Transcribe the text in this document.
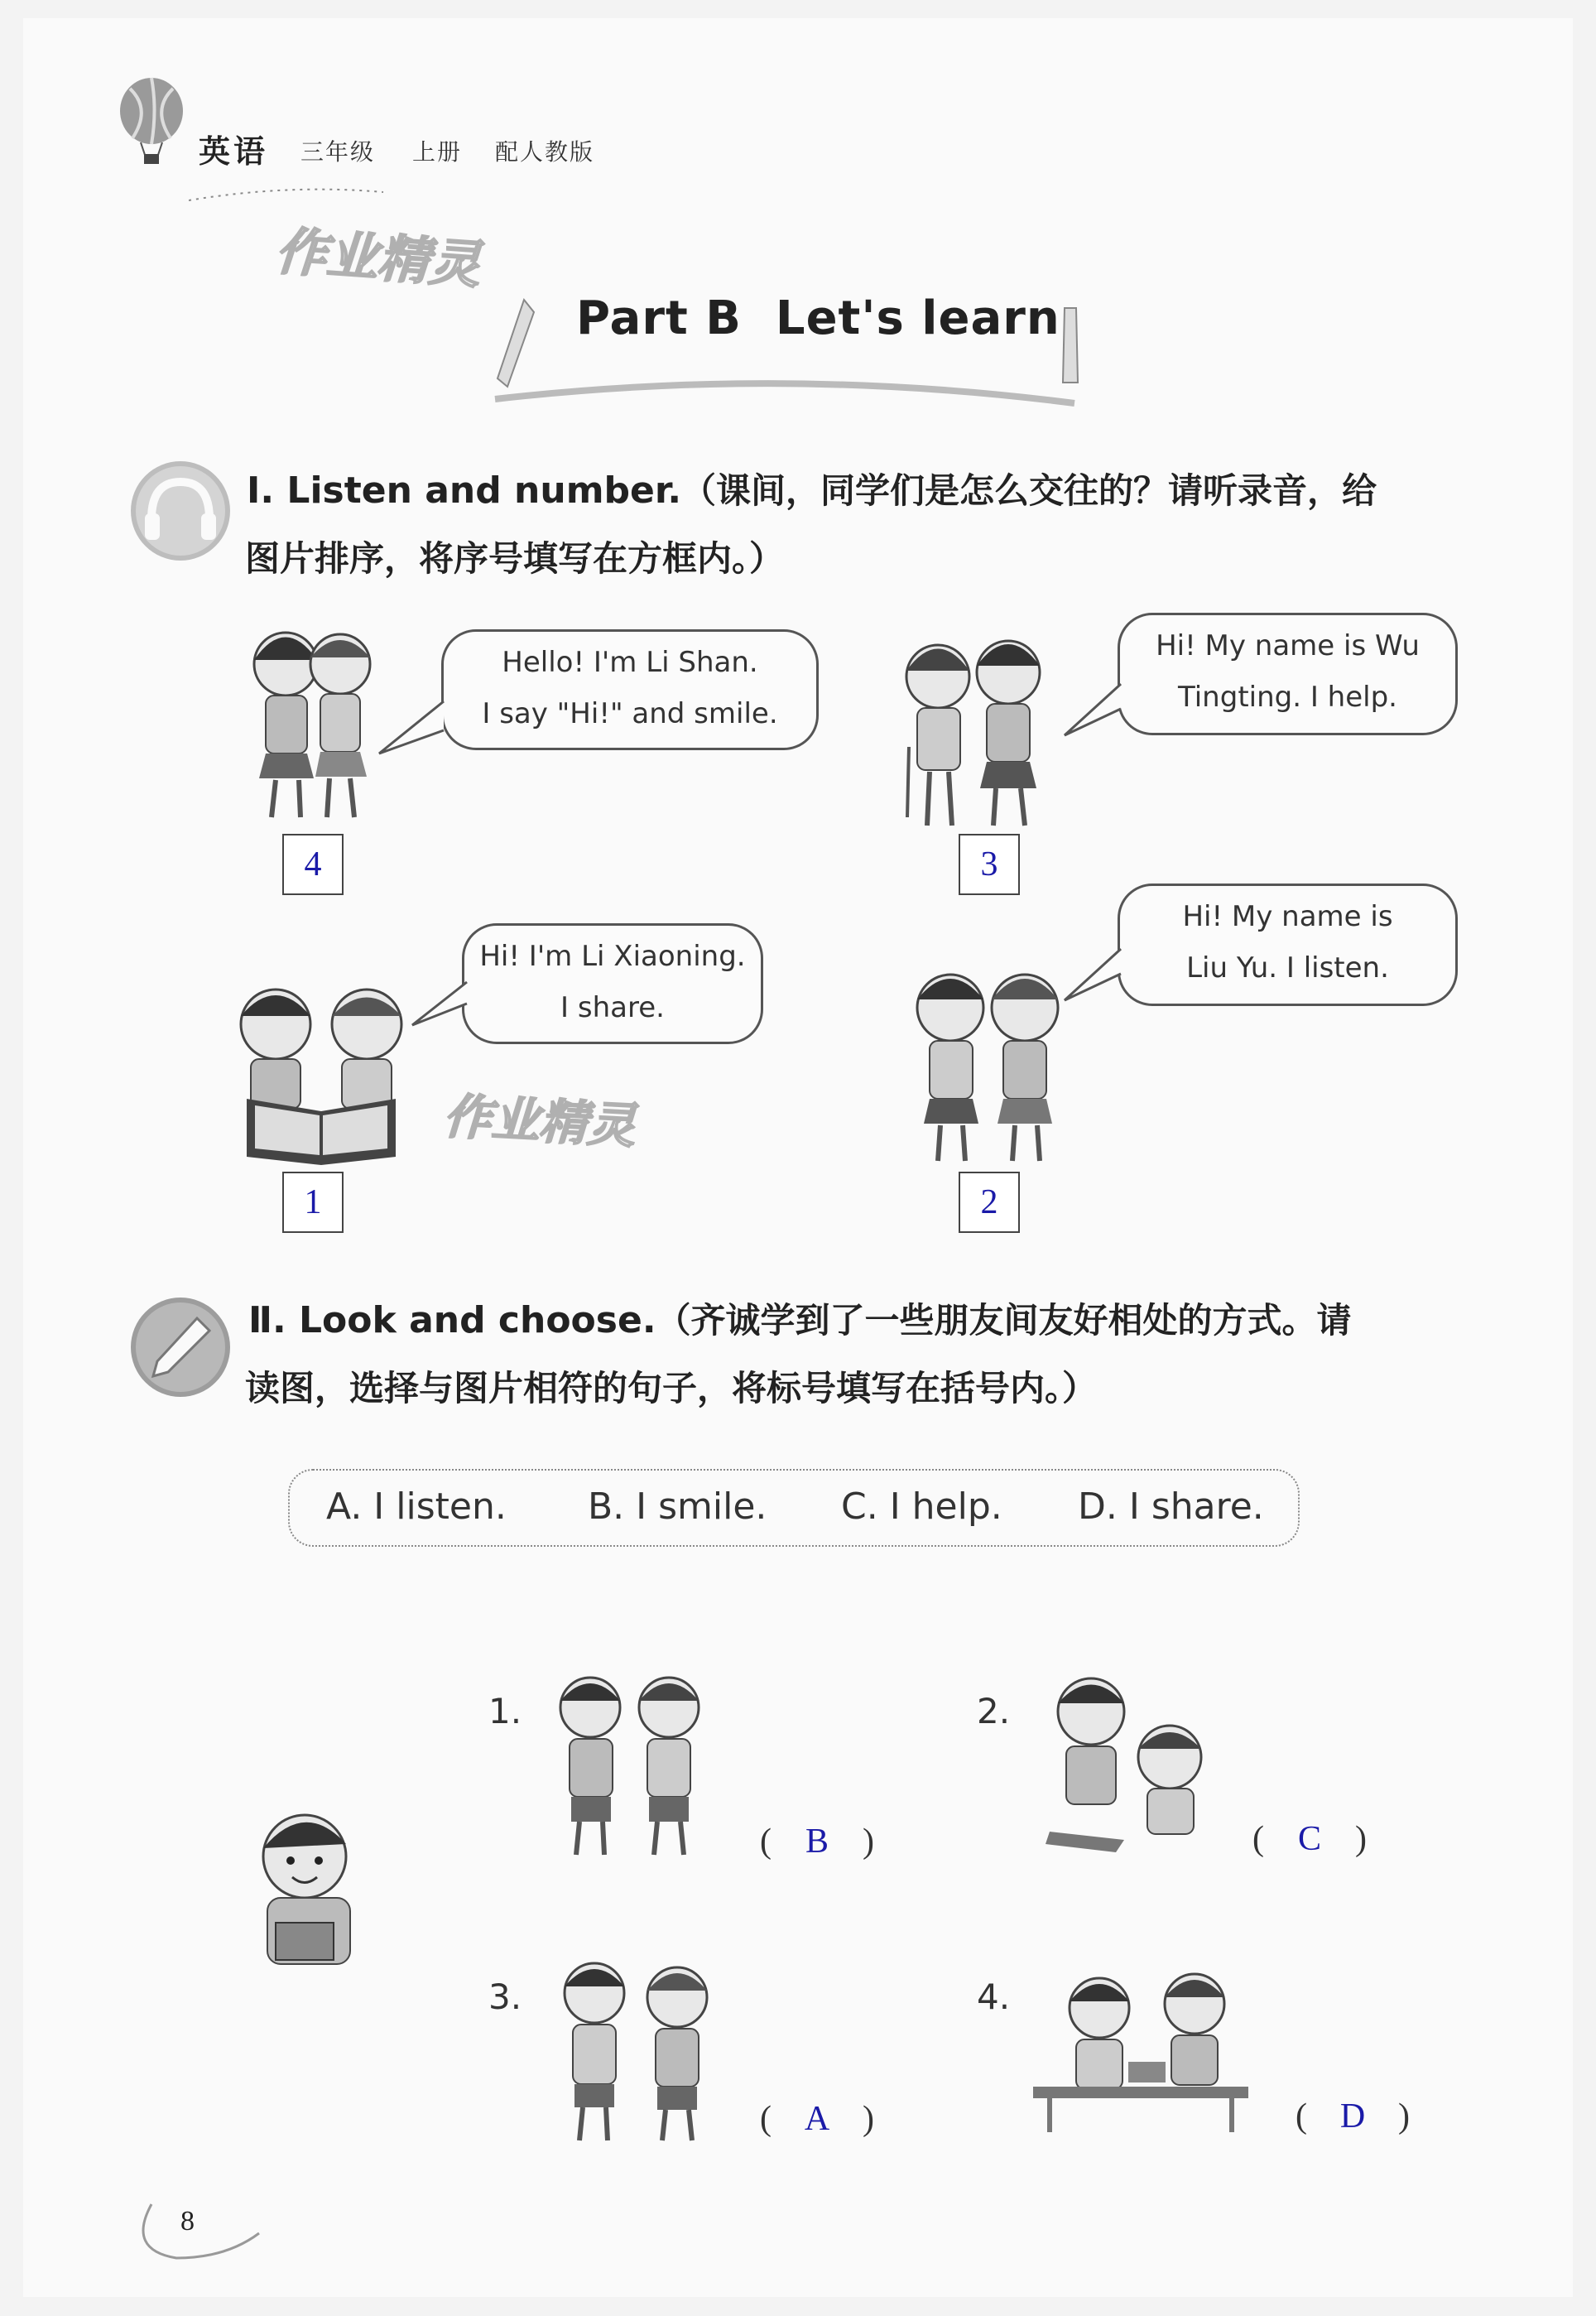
英语 三年级 上册 配人教版
作业精灵
Part B  Let's learn
Ⅰ. Listen and number.（课间，同学们是怎么交往的？请听录音，给
图片排序，将序号填写在方框内。）
Hello! I'm Li Shan.
I say "Hi!" and smile.
4
Hi! My name is Wu
Tingting. I help.
3
Hi! I'm Li Xiaoning.
I share.
作业精灵
1
Hi! My name is
Liu Yu. I listen.
2
Ⅱ. Look and choose.（齐诚学到了一些朋友间友好相处的方式。请
读图，选择与图片相符的句子，将标号填写在括号内。）
A. I listen. B. I smile. C. I help. D. I share.
1.
( B )
2.
( C )
3.
( A )
4.
( D )
8
